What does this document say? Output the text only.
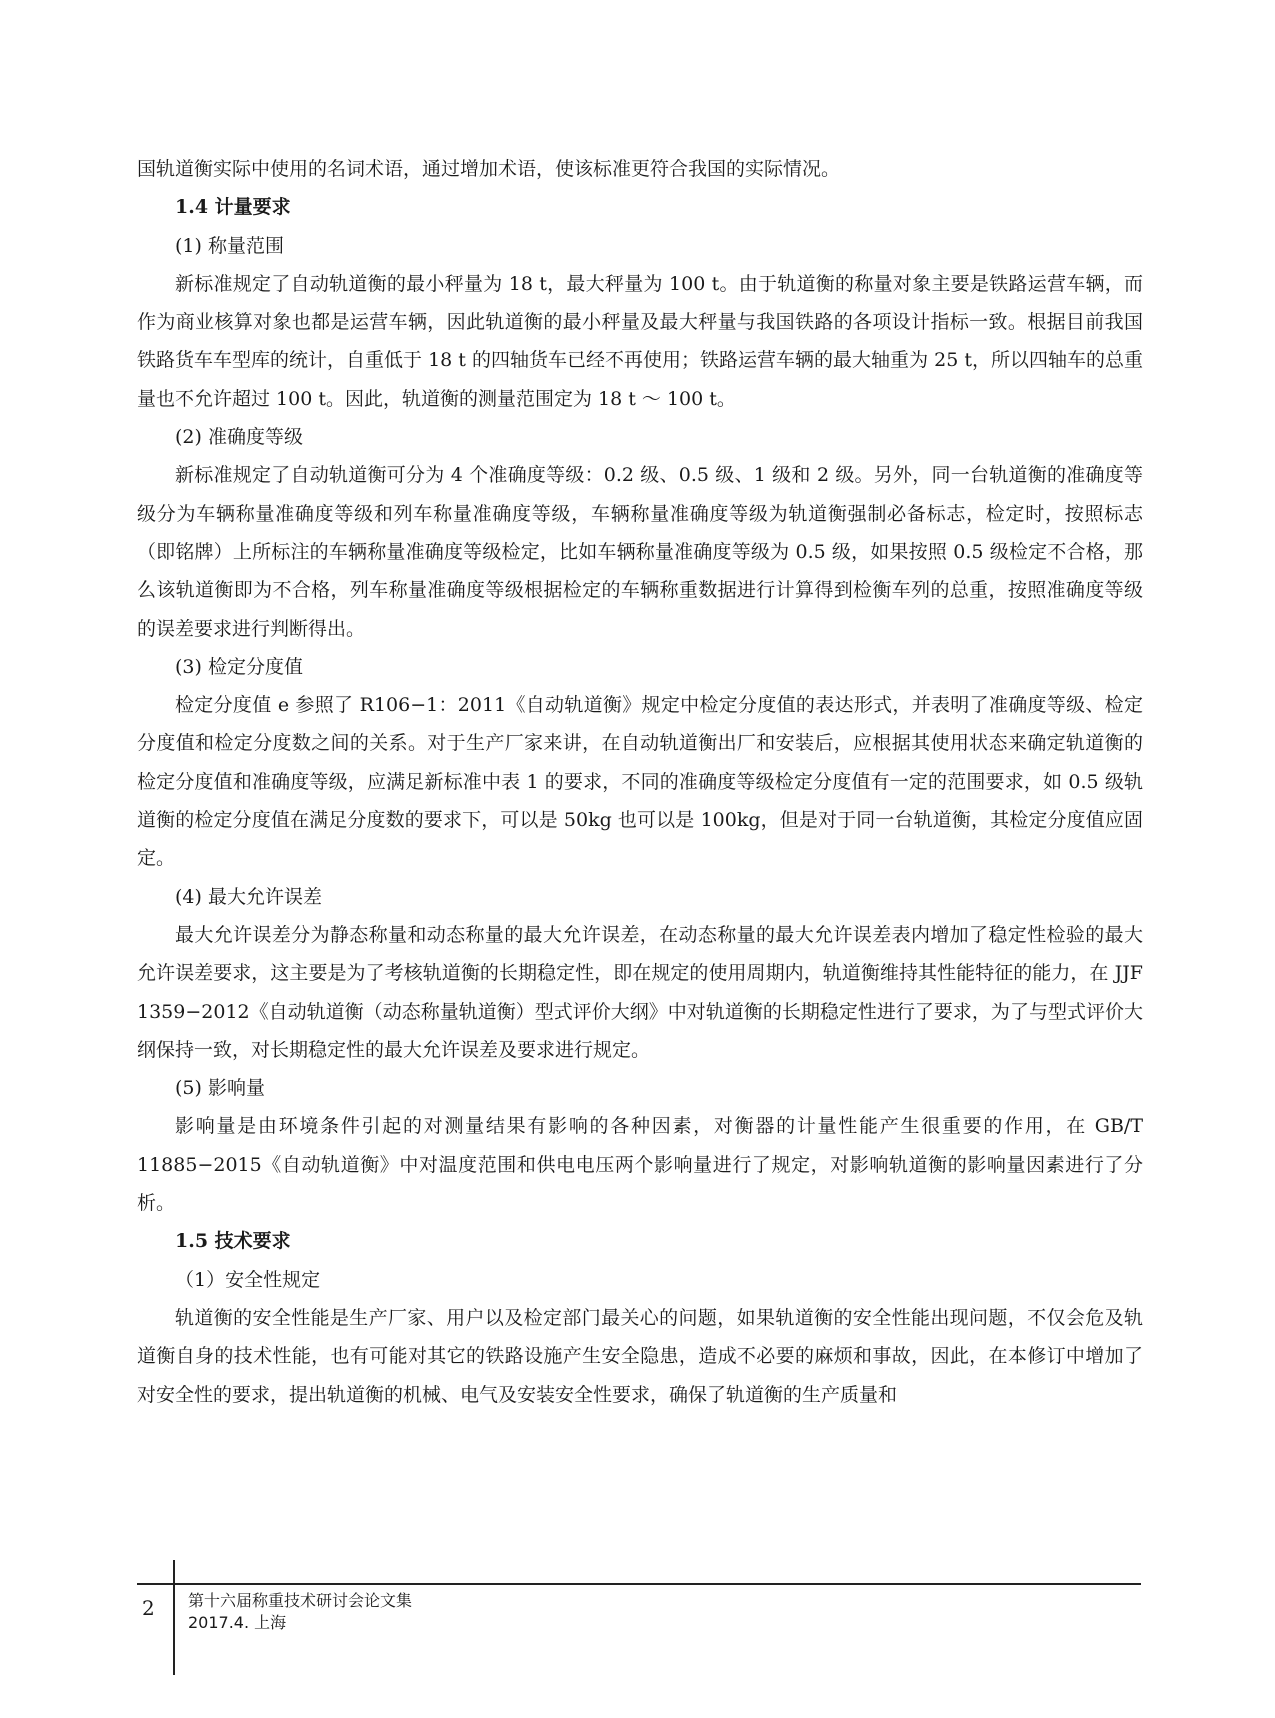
国轨道衡实际中使用的名词术语，通过增加术语，使该标准更符合我国的实际情况。

1.4 计量要求
(1) 称量范围

新标准规定了自动轨道衡的最小秤量为 18 t，最大秤量为 100 t。由于轨道衡的称量对象主要是铁路运营车辆，而作为商业核算对象也都是运营车辆，因此轨道衡的最小秤量及最大秤量与我国铁路的各项设计指标一致。根据目前我国铁路货车车型库的统计，自重低于 18 t 的四轴货车已经不再使用；铁路运营车辆的最大轴重为 25 t，所以四轴车的总重量也不允许超过 100 t。因此，轨道衡的测量范围定为 18 t ～ 100 t。

(2) 准确度等级

新标准规定了自动轨道衡可分为 4 个准确度等级：0.2 级、0.5 级、1 级和 2 级。另外，同一台轨道衡的准确度等级分为车辆称量准确度等级和列车称量准确度等级，车辆称量准确度等级为轨道衡强制必备标志，检定时，按照标志（即铭牌）上所标注的车辆称量准确度等级检定，比如车辆称量准确度等级为 0.5 级，如果按照 0.5 级检定不合格，那么该轨道衡即为不合格，列车称量准确度等级根据检定的车辆称重数据进行计算得到检衡车列的总重，按照准确度等级的误差要求进行判断得出。

(3) 检定分度值

检定分度值 e 参照了 R106−1：2011《自动轨道衡》规定中检定分度值的表达形式，并表明了准确度等级、检定分度值和检定分度数之间的关系。对于生产厂家来讲，在自动轨道衡出厂和安装后，应根据其使用状态来确定轨道衡的检定分度值和准确度等级，应满足新标准中表 1 的要求，不同的准确度等级检定分度值有一定的范围要求，如 0.5 级轨道衡的检定分度值在满足分度数的要求下，可以是 50kg 也可以是 100kg，但是对于同一台轨道衡，其检定分度值应固定。

(4) 最大允许误差

最大允许误差分为静态称量和动态称量的最大允许误差，在动态称量的最大允许误差表内增加了稳定性检验的最大允许误差要求，这主要是为了考核轨道衡的长期稳定性，即在规定的使用周期内，轨道衡维持其性能特征的能力，在 JJF 1359−2012《自动轨道衡（动态称量轨道衡）型式评价大纲》中对轨道衡的长期稳定性进行了要求，为了与型式评价大纲保持一致，对长期稳定性的最大允许误差及要求进行规定。

(5) 影响量

影响量是由环境条件引起的对测量结果有影响的各种因素，对衡器的计量性能产生很重要的作用，在 GB/T 11885−2015《自动轨道衡》中对温度范围和供电电压两个影响量进行了规定，对影响轨道衡的影响量因素进行了分析。

1.5 技术要求
（1）安全性规定

轨道衡的安全性能是生产厂家、用户以及检定部门最关心的问题，如果轨道衡的安全性能出现问题，不仅会危及轨道衡自身的技术性能，也有可能对其它的铁路设施产生安全隐患，造成不必要的麻烦和事故，因此，在本修订中增加了对安全性的要求，提出轨道衡的机械、电气及安装安全性要求，确保了轨道衡的生产质量和

2 第十六届称重技术研讨会论文集
2017.4. 上海
